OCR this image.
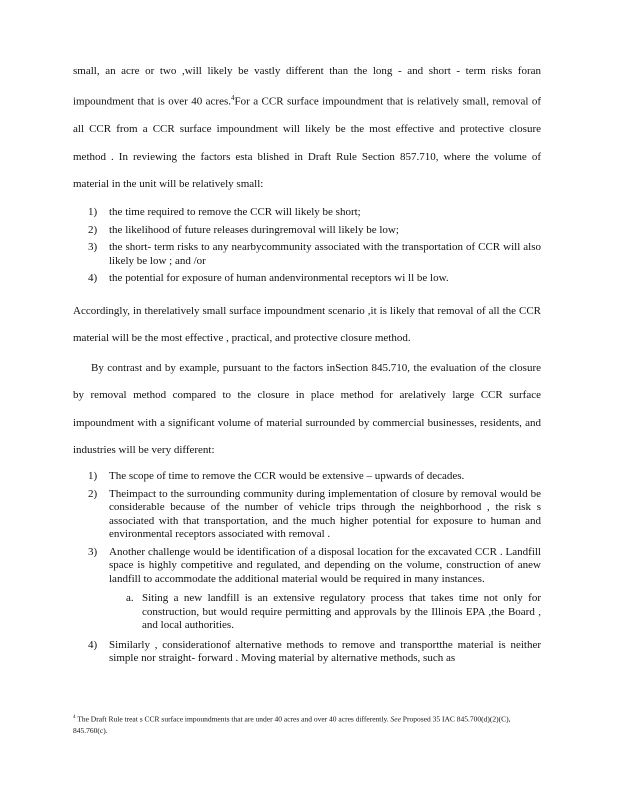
small, an acre or two ,will likely be vastly different than the long - and short - term risks foran impoundment that is over 40 acres.$^4$For a CCR surface impoundment that is relatively small, removal of all CCR from a CCR surface impoundment will likely be the most effective and protective closure method . In reviewing the factors esta blished in Draft Rule Section 857.710, where the volume of material in the unit will be relatively small:

1) the time required to remove the CCR will likely be short;
2) the likelihood of future releases duringremoval will likely be low;
3) the short- term risks to any nearbycommunity associated with the transportation of CCR will also likely be low ; and /or
4) the potential for exposure of human andenvironmental receptors wi ll be low.

Accordingly, in therelatively small surface impoundment scenario ,it is likely that removal of all the CCR material will be the most effective , practical, and protective closure method.

By contrast and by example, pursuant to the factors inSection 845.710, the evaluation of the closure by removal method compared to the closure in place method for arelatively large CCR surface impoundment with a significant volume of material surrounded by commercial businesses, residents, and industries will be very different:

1) The scope of time to remove the CCR would be extensive – upwards of decades.
2) Theimpact to the surrounding community during implementation of closure by removal would be considerable because of the number of vehicle trips through the neighborhood , the risk s associated with that transportation, and the much higher potential for exposure to human and environmental receptors associated with removal .
3) Another challenge would be identification of a disposal location for the excavated CCR . Landfill space is highly competitive and regulated, and depending on the volume, construction of anew landfill to accommodate the additional material would be required in many instances.
a. Siting a new landfill is an extensive regulatory process that takes time not only for construction, but would require permitting and approvals by the Illinois EPA ,the Board , and local authorities.
4) Similarly , considerationof alternative methods to remove and transportthe material is neither simple nor straight- forward . Moving material by alternative methods, such as

$^4$ The Draft Rule treat s CCR surface impoundments that are under 40 acres and over 40 acres differently. See Proposed 35 IAC 845.700(d)(2)(C), 845.760(c).
